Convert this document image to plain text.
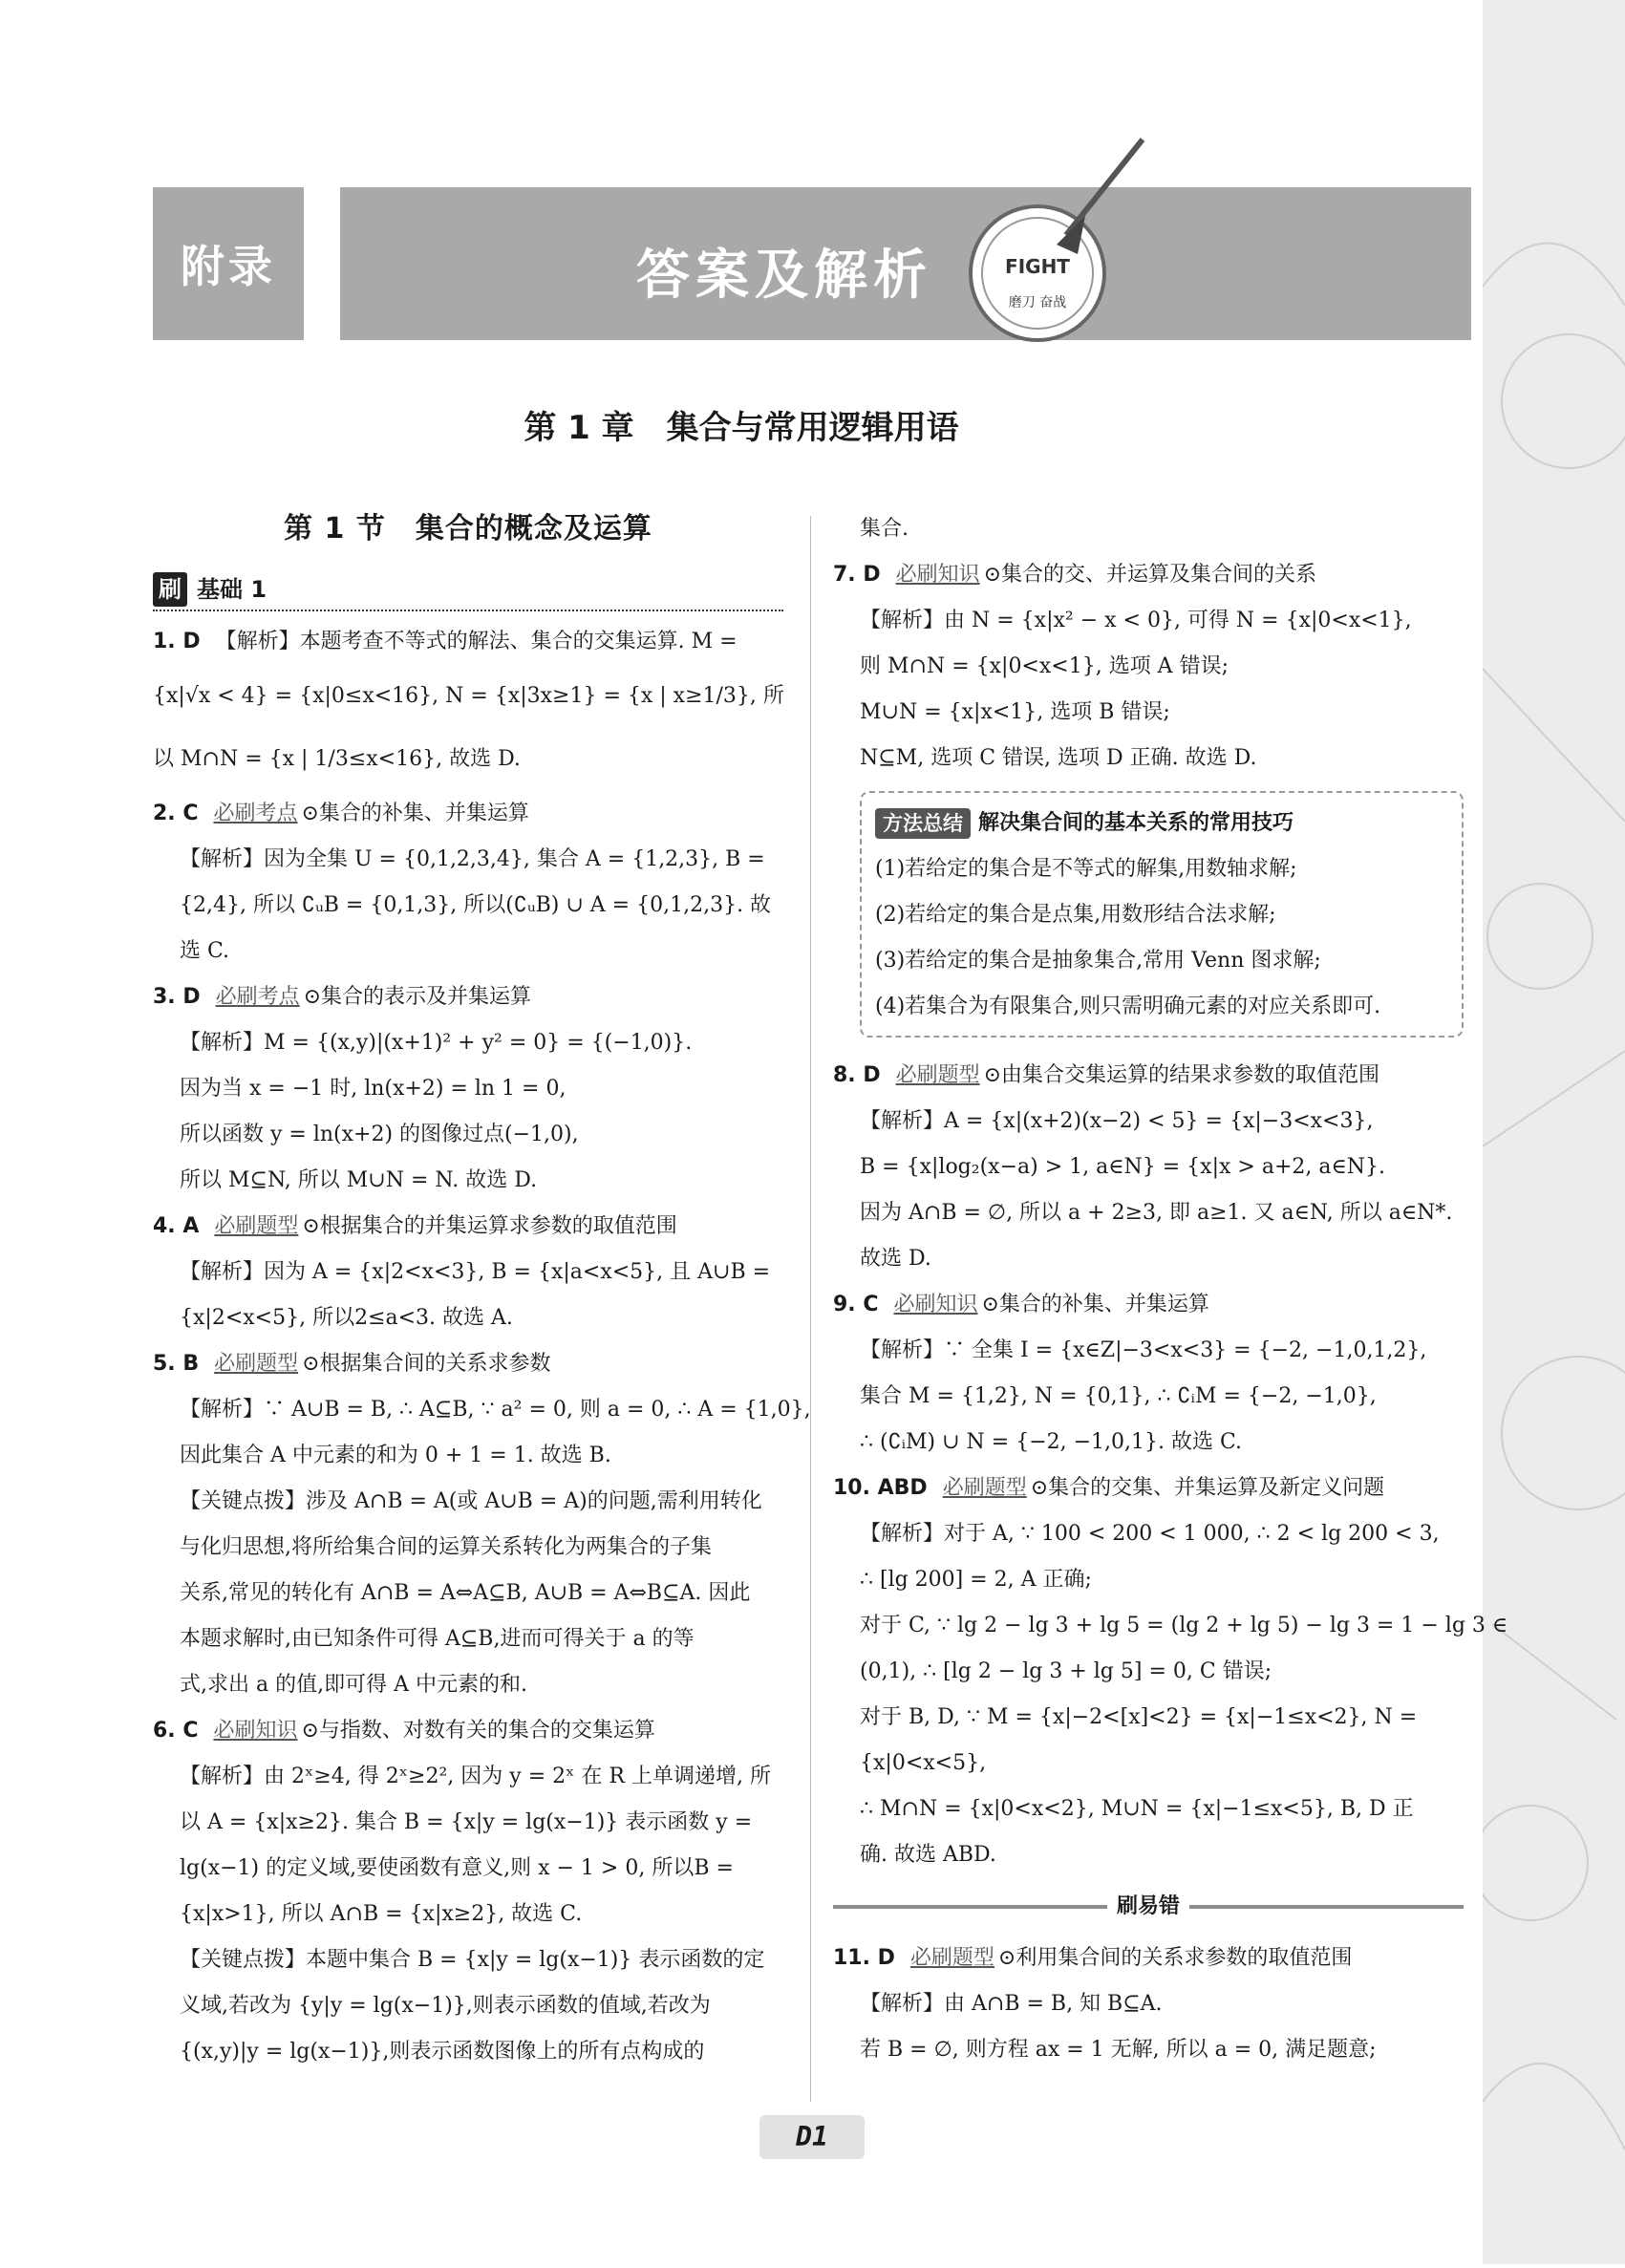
附录	答案及解析	FIGHT
磨刀 奋战
第 1 章　集合与常用逻辑用语
第 1 节　集合的概念及运算
刷 基础 1
1. D 【解析】本题考查不等式的解法、集合的交集运算. M =
{x|√x < 4} = {x|0≤x<16}, N = {x|3x≥1} = {x | x≥1/3}, 所
以 M∩N = {x | 1/3≤x<16}, 故选 D.
2. C 必刷考点 ⊙集合的补集、并集运算
【解析】因为全集 U = {0,1,2,3,4}, 集合 A = {1,2,3}, B =
{2,4}, 所以 ∁ᵤB = {0,1,3}, 所以(∁ᵤB) ∪ A = {0,1,2,3}. 故
选 C.
3. D 必刷考点 ⊙集合的表示及并集运算
【解析】M = {(x,y)|(x+1)² + y² = 0} = {(−1,0)}.
因为当 x = −1 时, ln(x+2) = ln 1 = 0,
所以函数 y = ln(x+2) 的图像过点(−1,0),
所以 M⊆N, 所以 M∪N = N. 故选 D.
4. A 必刷题型 ⊙根据集合的并集运算求参数的取值范围
【解析】因为 A = {x|2<x<3}, B = {x|a<x<5}, 且 A∪B =
{x|2<x<5}, 所以2≤a<3. 故选 A.
5. B 必刷题型 ⊙根据集合间的关系求参数
【解析】∵ A∪B = B, ∴ A⊆B, ∵ a² = 0, 则 a = 0, ∴ A = {1,0},
因此集合 A 中元素的和为 0 + 1 = 1. 故选 B.
【关键点拨】涉及 A∩B = A(或 A∪B = A)的问题,需利用转化
与化归思想,将所给集合间的运算关系转化为两集合的子集
关系,常见的转化有 A∩B = A⇔A⊆B, A∪B = A⇔B⊆A. 因此
本题求解时,由已知条件可得 A⊆B,进而可得关于 a 的等
式,求出 a 的值,即可得 A 中元素的和.
6. C 必刷知识 ⊙与指数、对数有关的集合的交集运算
【解析】由 2ˣ≥4, 得 2ˣ≥2², 因为 y = 2ˣ 在 R 上单调递增, 所
以 A = {x|x≥2}. 集合 B = {x|y = lg(x−1)} 表示函数 y =
lg(x−1) 的定义域,要使函数有意义,则 x − 1 > 0, 所以B =
{x|x>1}, 所以 A∩B = {x|x≥2}, 故选 C.
【关键点拨】本题中集合 B = {x|y = lg(x−1)} 表示函数的定
义域,若改为 {y|y = lg(x−1)},则表示函数的值域,若改为
{(x,y)|y = lg(x−1)},则表示函数图像上的所有点构成的
集合.
7. D 必刷知识 ⊙集合的交、并运算及集合间的关系
【解析】由 N = {x|x² − x < 0}, 可得 N = {x|0<x<1},
则 M∩N = {x|0<x<1}, 选项 A 错误;
M∪N = {x|x<1}, 选项 B 错误;
N⊆M, 选项 C 错误, 选项 D 正确. 故选 D.
方法总结 解决集合间的基本关系的常用技巧
(1)若给定的集合是不等式的解集,用数轴求解;
(2)若给定的集合是点集,用数形结合法求解;
(3)若给定的集合是抽象集合,常用 Venn 图求解;
(4)若集合为有限集合,则只需明确元素的对应关系即可.
8. D 必刷题型 ⊙由集合交集运算的结果求参数的取值范围
【解析】A = {x|(x+2)(x−2) < 5} = {x|−3<x<3},
B = {x|log₂(x−a) > 1, a∈N} = {x|x > a+2, a∈N}.
因为 A∩B = ∅, 所以 a + 2≥3, 即 a≥1. 又 a∈N, 所以 a∈N*.
故选 D.
9. C 必刷知识 ⊙集合的补集、并集运算
【解析】∵ 全集 I = {x∈Z|−3<x<3} = {−2, −1,0,1,2},
集合 M = {1,2}, N = {0,1}, ∴ ∁ᵢM = {−2, −1,0},
∴ (∁ᵢM) ∪ N = {−2, −1,0,1}. 故选 C.
10. ABD 必刷题型 ⊙集合的交集、并集运算及新定义问题
【解析】对于 A, ∵ 100 < 200 < 1 000, ∴ 2 < lg 200 < 3,
∴ [lg 200] = 2, A 正确;
对于 C, ∵ lg 2 − lg 3 + lg 5 = (lg 2 + lg 5) − lg 3 = 1 − lg 3 ∈
(0,1), ∴ [lg 2 − lg 3 + lg 5] = 0, C 错误;
对于 B, D, ∵ M = {x|−2<[x]<2} = {x|−1≤x<2}, N =
{x|0<x<5},
∴ M∩N = {x|0<x<2}, M∪N = {x|−1≤x<5}, B, D 正
确. 故选 ABD.
刷易错
11. D 必刷题型 ⊙利用集合间的关系求参数的取值范围
【解析】由 A∩B = B, 知 B⊆A.
若 B = ∅, 则方程 ax = 1 无解, 所以 a = 0, 满足题意;
D1
